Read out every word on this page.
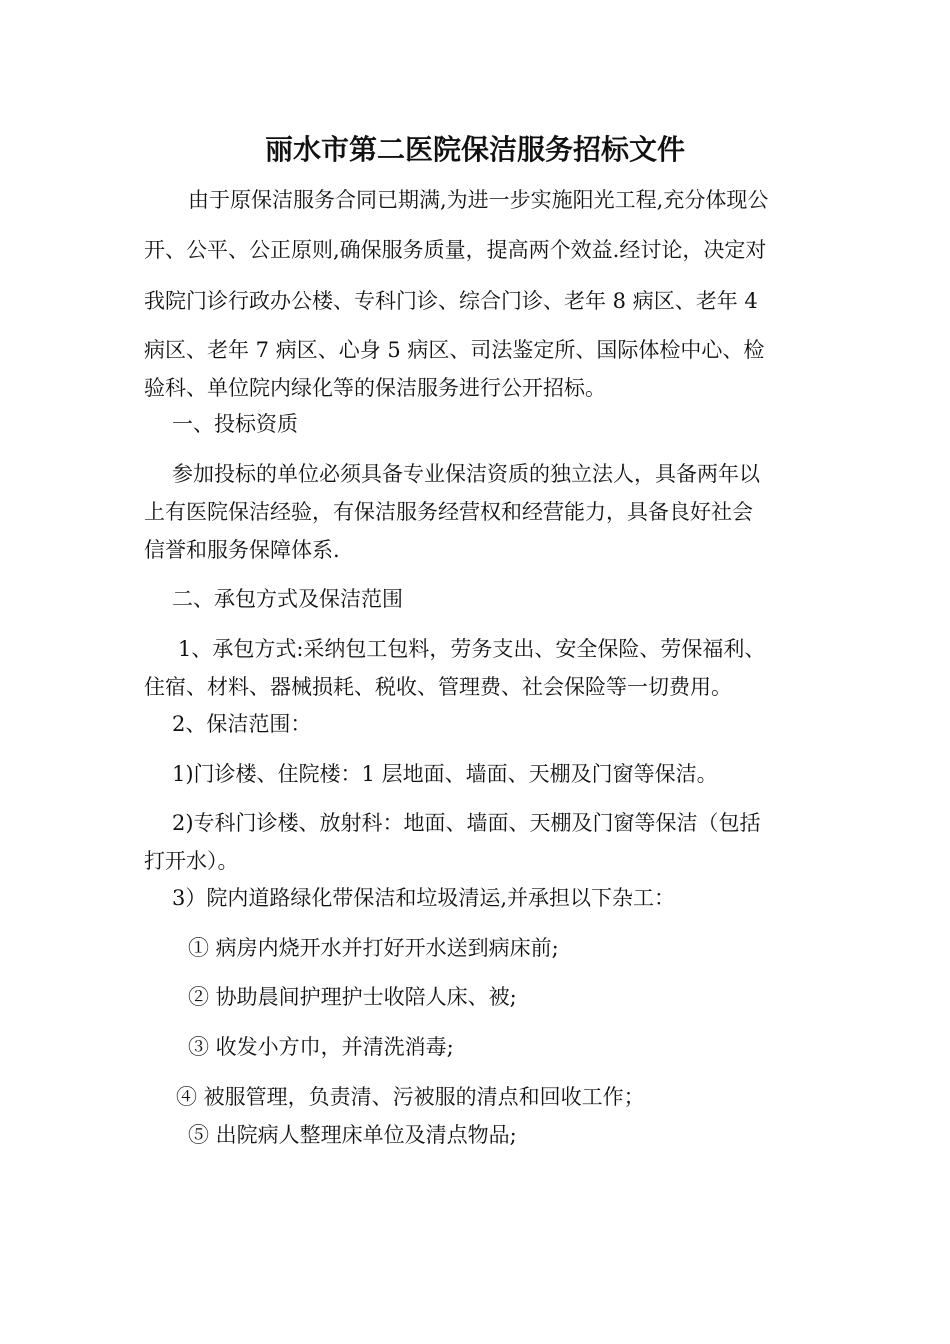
丽水市第二医院保洁服务招标文件
由于原保洁服务合同已期满,为进一步实施阳光工程,充分体现公
开、公平、公正原则,确保服务质量，提高两个效益.经讨论，决定对
我院门诊行政办公楼、专科门诊、综合门诊、老年 8 病区、老年 4
病区、老年 7 病区、心身 5 病区、司法鉴定所、国际体检中心、检
验科、单位院内绿化等的保洁服务进行公开招标。
一、投标资质
参加投标的单位必须具备专业保洁资质的独立法人，具备两年以
上有医院保洁经验，有保洁服务经营权和经营能力，具备良好社会
信誉和服务保障体系.
二、承包方式及保洁范围
1、承包方式:采纳包工包料，劳务支出、安全保险、劳保福利、
住宿、材料、器械损耗、税收、管理费、社会保险等一切费用。
2、保洁范围：
1)门诊楼、住院楼：1 层地面、墙面、天棚及门窗等保洁。
2)专科门诊楼、放射科：地面、墙面、天棚及门窗等保洁（包括
打开水）。
3）院内道路绿化带保洁和垃圾清运,并承担以下杂工：
① 病房内烧开水并打好开水送到病床前;
② 协助晨间护理护士收陪人床、被;
③ 收发小方巾，并清洗消毒;
④ 被服管理，负责清、污被服的清点和回收工作；
⑤ 出院病人整理床单位及清点物品;
